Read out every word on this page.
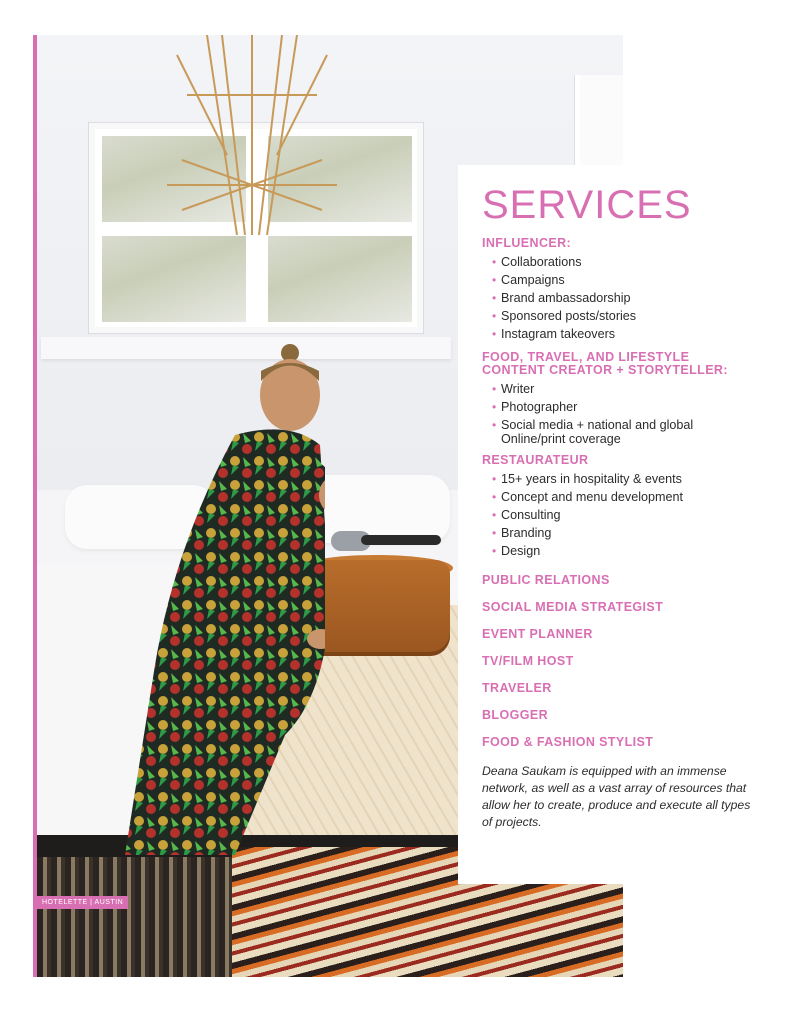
HOTELETTE | AUSTIN
SERVICES
INFLUENCER:
• Collaborations
• Campaigns
• Brand ambassadorship
• Sponsored posts/stories
• Instagram takeovers
FOOD, TRAVEL, AND LIFESTYLE
CONTENT CREATOR + STORYTELLER:
• Writer
• Photographer
• Social media + national and global
Online/print coverage
RESTAURATEUR
• 15+ years in hospitality & events
• Concept and menu development
• Consulting
• Branding
• Design
PUBLIC RELATIONS
SOCIAL MEDIA STRATEGIST
EVENT PLANNER
TV/FILM HOST
TRAVELER
BLOGGER
FOOD & FASHION STYLIST

Deana Saukam is equipped with an immense network, as well as a vast array of resources that allow her to create, produce and execute all types of projects.
